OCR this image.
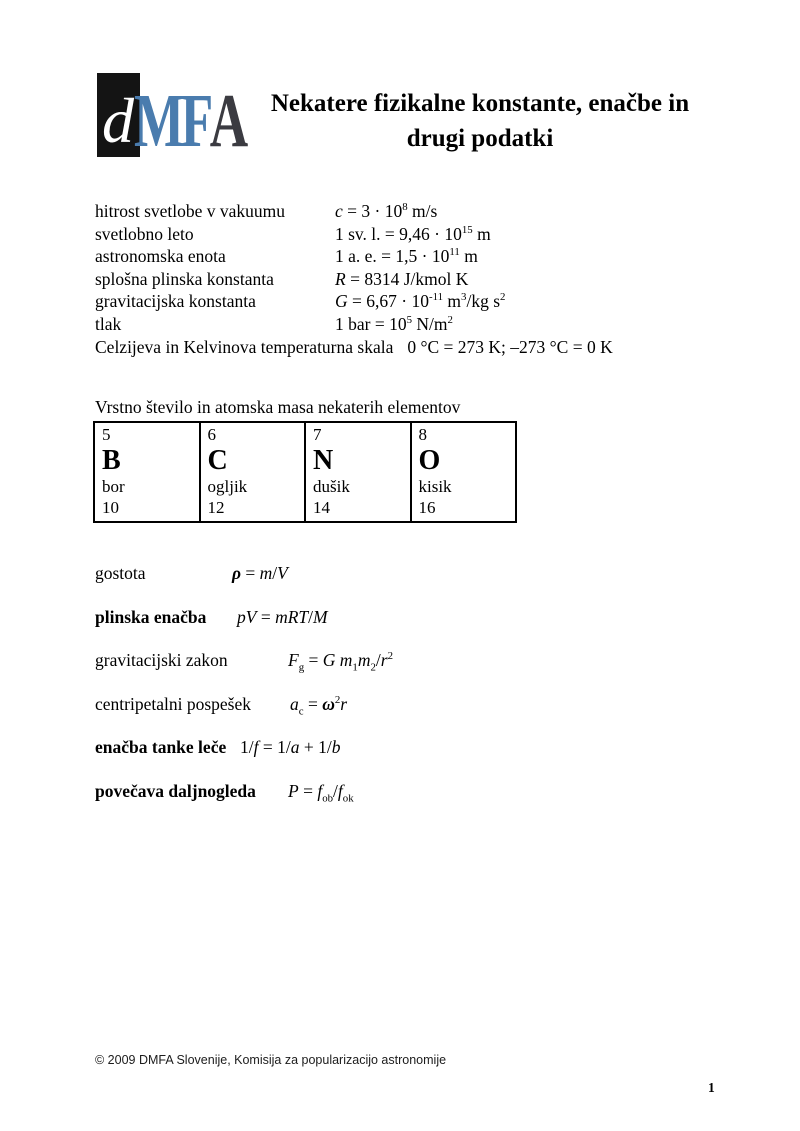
d M F A	Nekatere fizikalne konstante, enačbe in
drugi podatki
hitrost svetlobe v vakuumu	$c = 3 \cdot 10^8$ m/s
svetlobno leto	1 sv. l. = $9,46 \cdot 10^{15}$ m
astronomska enota	1 a. e. = $1,5 \cdot 10^{11}$ m
splošna plinska konstanta	R = 8314 J/kmol K
gravitacijska konstanta	$G = 6,67 \cdot 10^{-11}$ $m^3/kg$ $s^2$
tlak	1 bar = $10^5$ $N/m^2$
Celzijeva in Kelvinova temperaturna skala 0 °C = 273 K; –273 °C = 0 K
Vrstno število in atomska masa nekaterih elementov
5
B
bor
10

6
C
ogljik
12

7
N
dušik
14

8
O
kisik
16
gostota	ρ = m/V
plinska enačba pV = mRT/M
gravitacijski zakon	$F_g = G$ $m_1m_2/r^2$
centripetalni pospešek $a_c = \omega^2r$
enačba tanke leče 1/f = 1/a + 1/b
povečava daljnogleda $P = f_{ob}/f_{ok}$
© 2009 DMFA Slovenije, Komisija za popularizacijo astronomije
1
